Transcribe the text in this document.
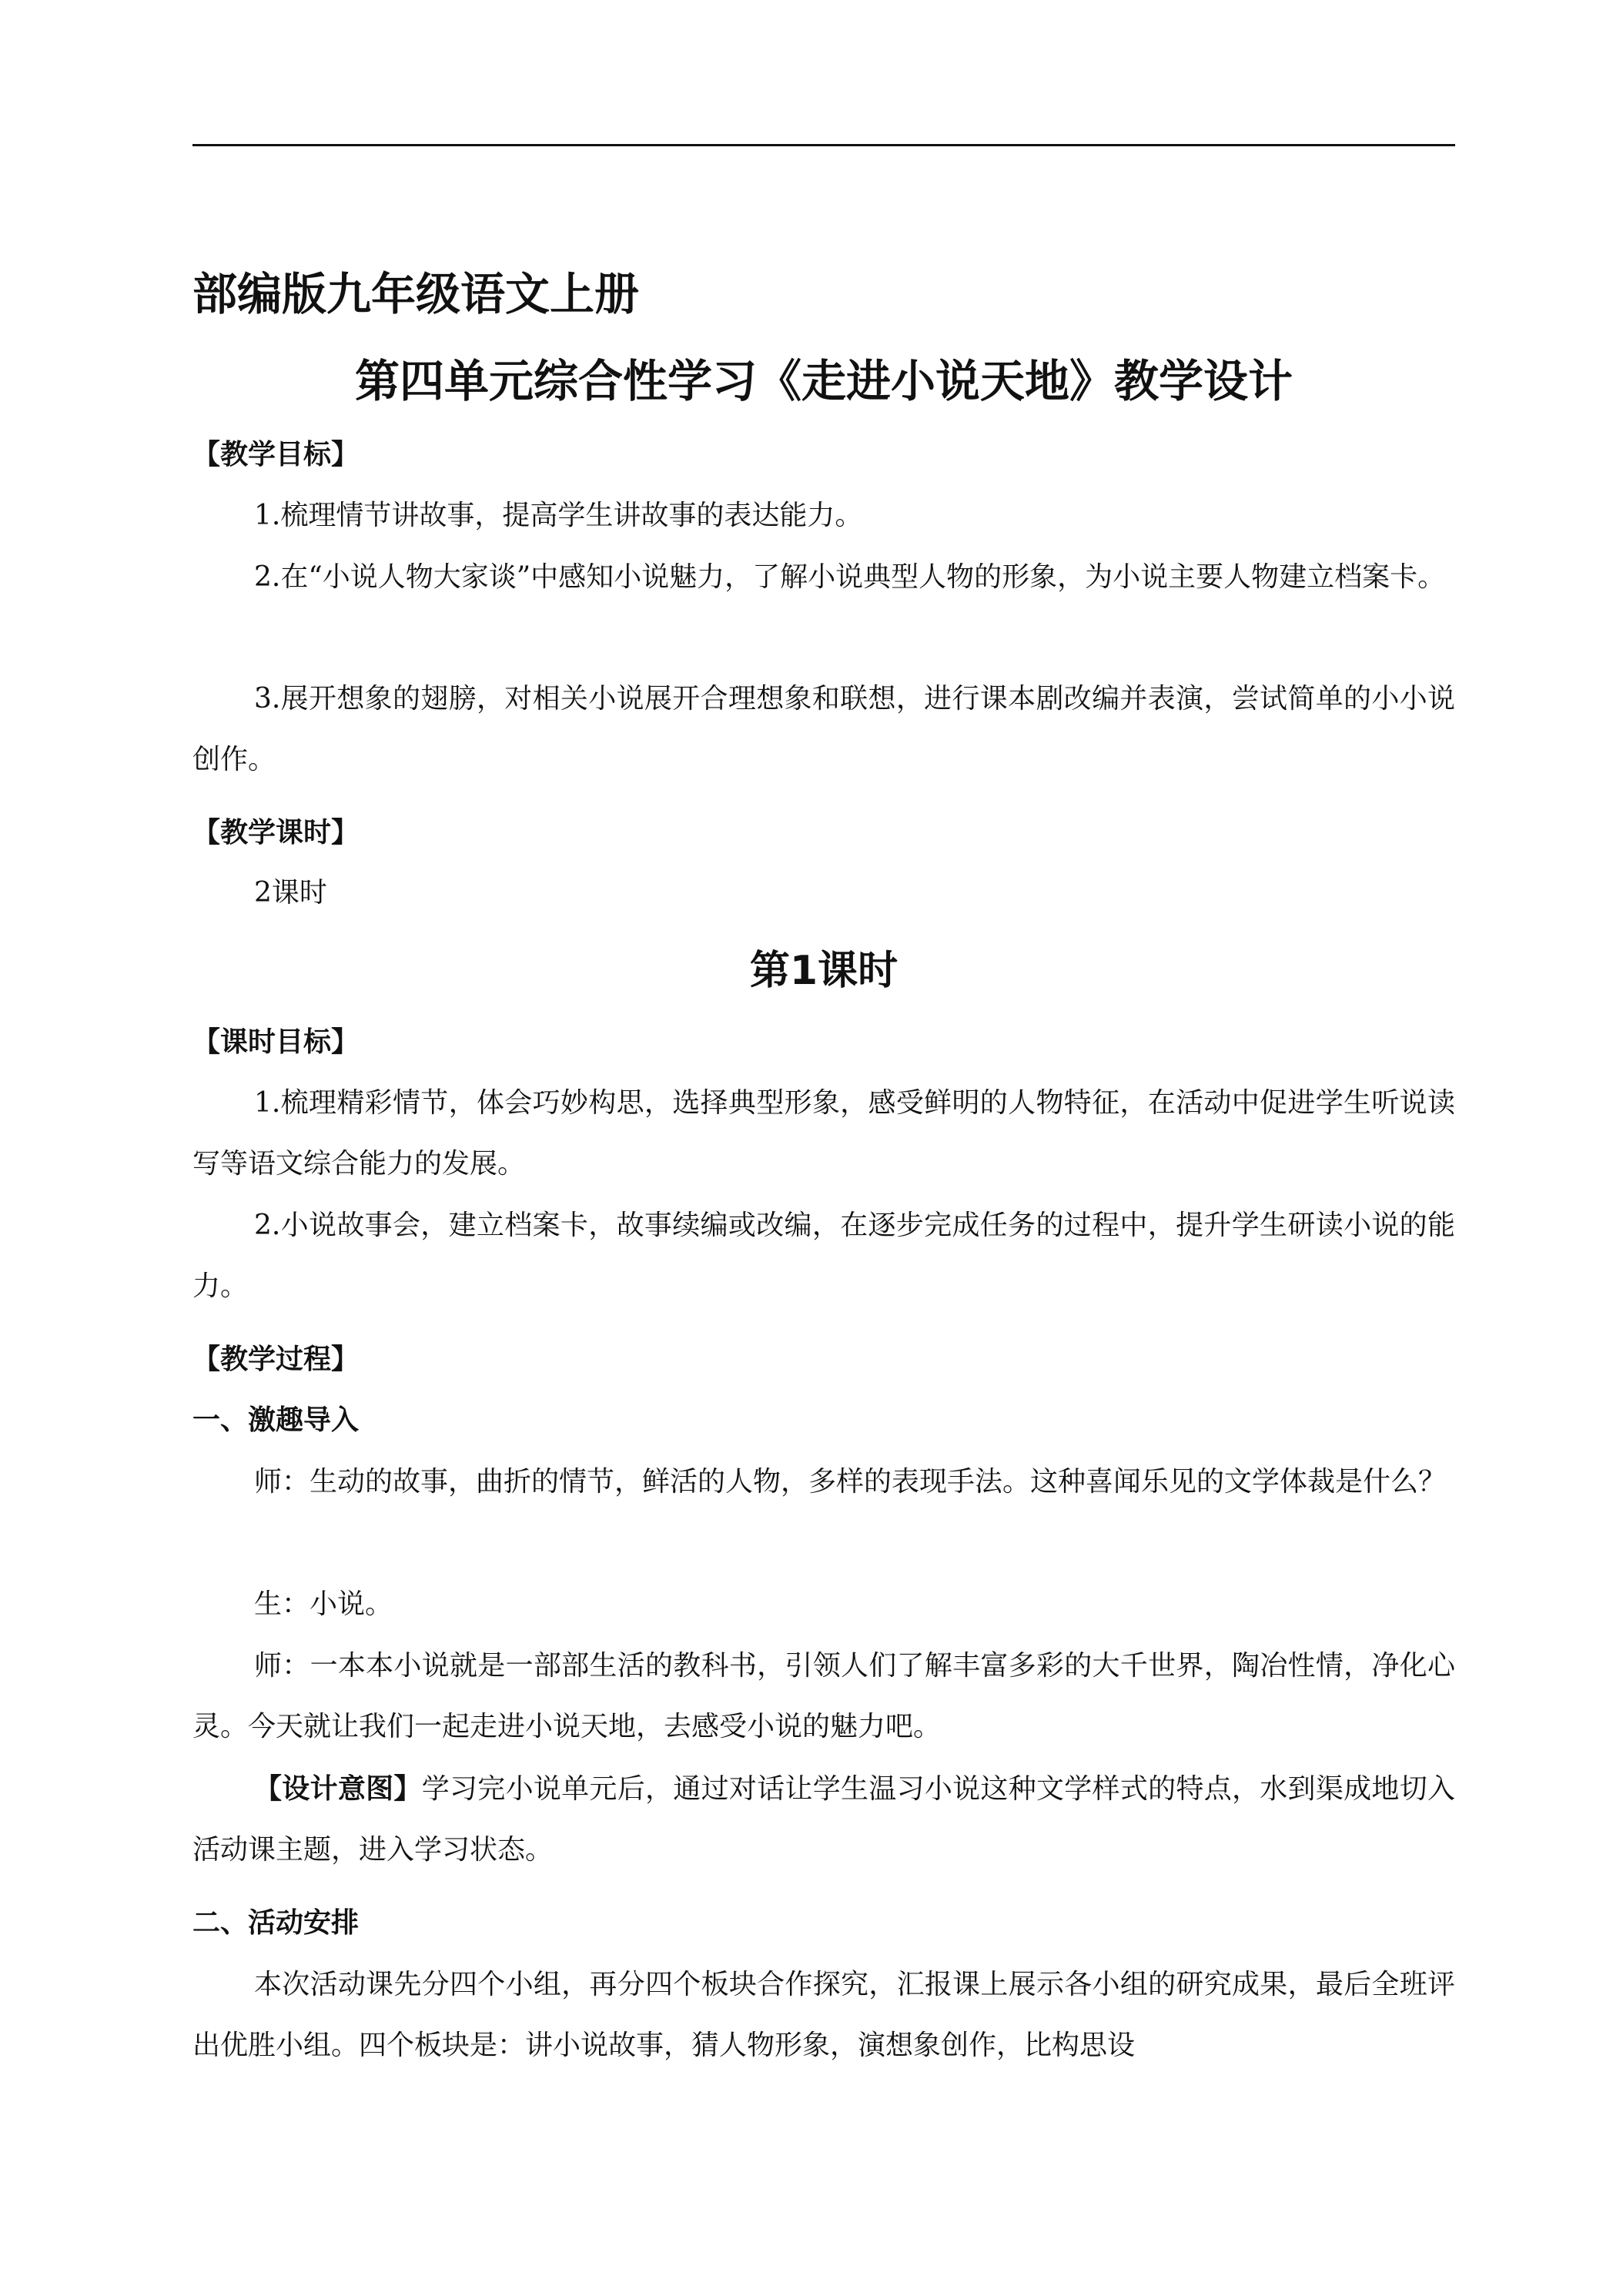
部编版九年级语文上册
第四单元综合性学习《走进小说天地》教学设计
【教学目标】

1.梳理情节讲故事，提高学生讲故事的表达能力。

2.在“小说人物大家谈”中感知小说魅力，了解小说典型人物的形象，为小说主要人物建立档案卡。

3.展开想象的翅膀，对相关小说展开合理想象和联想，进行课本剧改编并表演，尝试简单的小小说创作。

【教学课时】

2课时

第1课时
【课时目标】

1.梳理精彩情节，体会巧妙构思，选择典型形象，感受鲜明的人物特征，在活动中促进学生听说读写等语文综合能力的发展。

2.小说故事会，建立档案卡，故事续编或改编，在逐步完成任务的过程中，提升学生研读小说的能力。

【教学过程】
一、激趣导入

师：生动的故事，曲折的情节，鲜活的人物，多样的表现手法。这种喜闻乐见的文学体裁是什么？

生：小说。

师：一本本小说就是一部部生活的教科书，引领人们了解丰富多彩的大千世界，陶冶性情，净化心灵。今天就让我们一起走进小说天地，去感受小说的魅力吧。

【设计意图】学习完小说单元后，通过对话让学生温习小说这种文学样式的特点，水到渠成地切入活动课主题，进入学习状态。

二、活动安排

本次活动课先分四个小组，再分四个板块合作探究，汇报课上展示各小组的研究成果，最后全班评出优胜小组。四个板块是：讲小说故事，猜人物形象，演想象创作，比构思设
